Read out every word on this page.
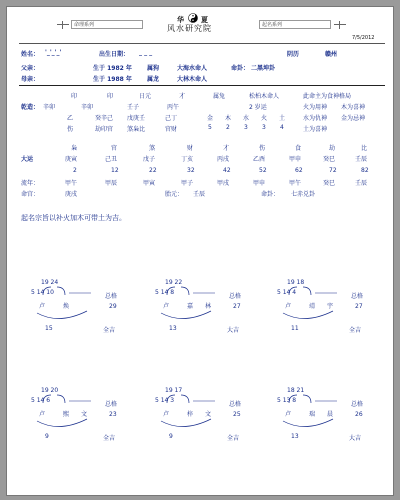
华 夏
命理系列	风水研究院	起名系列
7/5/2012
姓名： '_'_'_'	出生日期： _ _ _	阴历	赣州
父亲：	生于 1982 年	属狗	大海水命人	命卦： 二黑坤卦
母亲：	生于 1988 年	属龙	大林木命人
印	印	日元	才	属兔	松柏木命人	此命主为食神格局
乾造： 辛卯	辛卯	壬子	丙午	2 岁运	火为用神 木为喜神
乙	癸辛己 戊庚壬	己丁	金 木 水 火 土	水为仇神 金为忌神
伤	劫印官 煞枭比	官财	5 2 3 3 4	土为喜神
枭	官	煞	财	才	伤	食	劫	比
大运	庚寅	己丑	戊子	丁亥	丙戌	乙酉	甲申	癸巳	壬辰
2	12	22	32	42	52	62	72	82
流年：	甲午	甲辰	甲寅	甲子	甲戌	甲申	甲午	癸巳	壬辰
命宫：	庚戌	胎元： 壬辰	命卦： 七赤兑卦
起名宗旨以补火加木可带土为吉。
19 24
5 14 10
卢	焕
总格
29
15	全吉
19 22
5 14 8
卢	嘉 林
总格
27
13	大吉
19 18
5 14 4
卢	靖 宇
总格
27
11	全吉
19 20
5 14 6
卢	熙 文
总格
23
9	全吉
19 17
5 14 3
卢	梓 文
总格
25
9	全吉
18 21
5 13 8
卢	瑞 晨
总格
26
13	大吉
